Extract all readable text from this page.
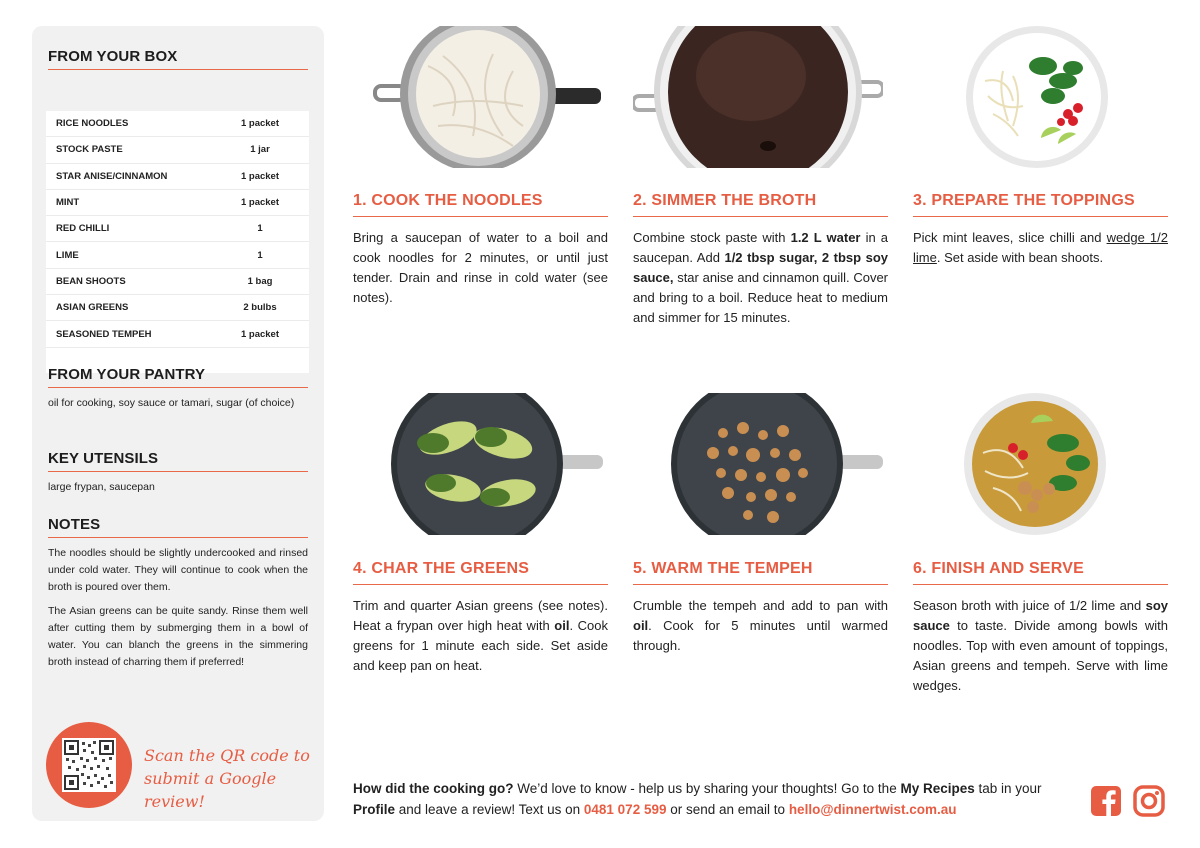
FROM YOUR BOX
RICE NOODLES	1 packet
STOCK PASTE	1 jar
STAR ANISE/CINNAMON	1 packet
MINT	1 packet
RED CHILLI	1
LIME	1
BEAN SHOOTS	1 bag
ASIAN GREENS	2 bulbs
SEASONED TEMPEH	1 packet
FROM YOUR PANTRY
oil for cooking, soy sauce or tamari, sugar (of choice)
KEY UTENSILS
large frypan, saucepan
NOTES
The noodles should be slightly undercooked and rinsed under cold water. They will continue to cook when the broth is poured over them.
The Asian greens can be quite sandy. Rinse them well after cutting them by submerging them in a bowl of water. You can blanch the greens in the simmering broth instead of charring them if preferred!
Scan the QR code to
submit a Google review!
1. COOK THE NOODLES
Bring a saucepan of water to a boil and cook noodles for 2 minutes, or until just tender. Drain and rinse in cold water (see notes).
2. SIMMER THE BROTH
Combine stock paste with 1.2 L water in a saucepan. Add 1/2 tbsp sugar, 2 tbsp soy sauce, star anise and cinnamon quill. Cover and bring to a boil. Reduce heat to medium and simmer for 15 minutes.
3. PREPARE THE TOPPINGS
Pick mint leaves, slice chilli and wedge 1/2 lime. Set aside with bean shoots.
4. CHAR THE GREENS
Trim and quarter Asian greens (see notes). Heat a frypan over high heat with oil. Cook greens for 1 minute each side. Set aside and keep pan on heat.
5. WARM THE TEMPEH
Crumble the tempeh and add to pan with oil. Cook for 5 minutes until warmed through.
6. FINISH AND SERVE
Season broth with juice of 1/2 lime and soy sauce to taste. Divide among bowls with noodles. Top with even amount of toppings, Asian greens and tempeh. Serve with lime wedges.
How did the cooking go? We’d love to know - help us by sharing your thoughts! Go to the My Recipes tab in your Profile and leave a review! Text us on 0481 072 599 or send an email to hello@dinnertwist.com.au
